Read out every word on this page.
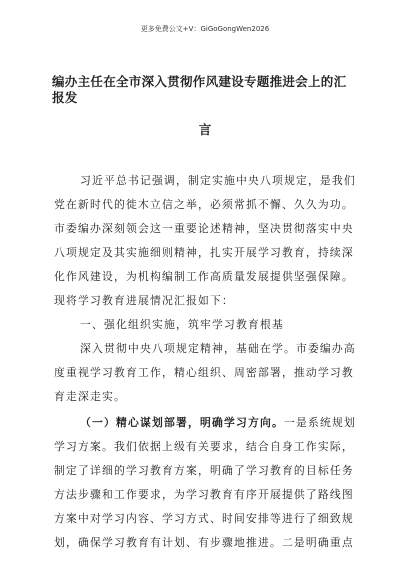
更多免费公文+V：GiGoGongWen2026
编办主任在全市深入贯彻作风建设专题推进会上的汇报发
言
习近平总书记强调，制定实施中央八项规定，是我们
党在新时代的徙木立信之举，必须常抓不懈、久久为功。
市委编办深刻领会这一重要论述精神，坚决贯彻落实中央
八项规定及其实施细则精神，扎实开展学习教育，持续深
化作风建设，为机构编制工作高质量发展提供坚强保障。
现将学习教育进展情况汇报如下：
一、强化组织实施，筑牢学习教育根基
深入贯彻中央八项规定精神，基础在学。市委编办高
度重视学习教育工作，精心组织、周密部署，推动学习教
育走深走实。
（一）精心谋划部署，明确学习方向。一是系统规划
学习方案。我们依据上级有关要求，结合自身工作实际，
制定了详细的学习教育方案，明确了学习教育的目标任务
方法步骤和工作要求，为学习教育有序开展提供了路线图
方案中对学习内容、学习方式、时间安排等进行了细致规
划，确保学习教育有计划、有步骤地推进。二是明确重点
